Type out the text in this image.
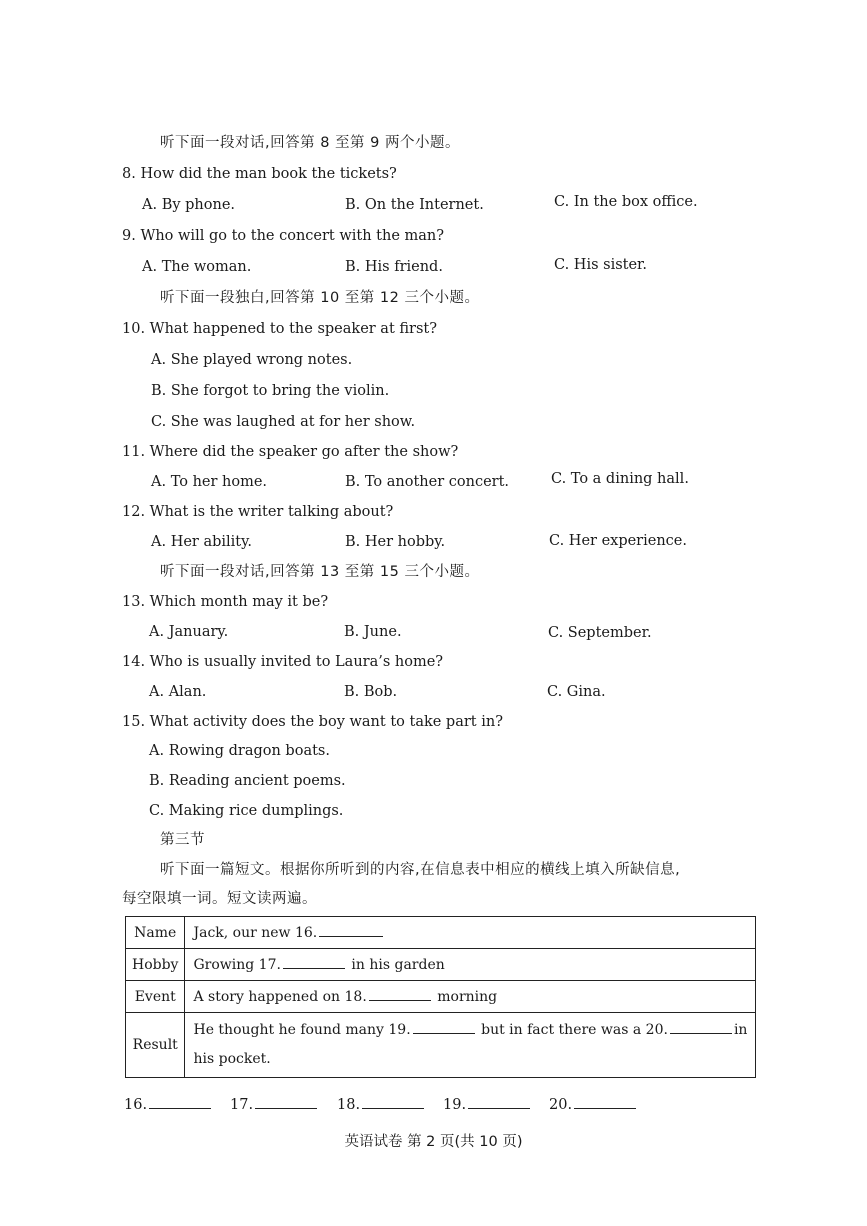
听下面一段对话,回答第 8 至第 9 两个小题。
8. How did the man book the tickets?
A. By phone.	B. On the Internet.	C. In the box office.
9. Who will go to the concert with the man?
A. The woman.	B. His friend.	C. His sister.
听下面一段独白,回答第 10 至第 12 三个小题。
10. What happened to the speaker at first?
A. She played wrong notes.
B. She forgot to bring the violin.
C. She was laughed at for her show.
11. Where did the speaker go after the show?
A. To her home.	B. To another concert.	C. To a dining hall.
12. What is the writer talking about?
A. Her ability.	B. Her hobby.	C. Her experience.
听下面一段对话,回答第 13 至第 15 三个小题。
13. Which month may it be?
A. January.	B. June.	C. September.
14. Who is usually invited to Laura’s home?
A. Alan.	B. Bob.	C. Gina.
15. What activity does the boy want to take part in?
A. Rowing dragon boats.
B. Reading ancient poems.
C. Making rice dumplings.
第三节
听下面一篇短文。根据你所听到的内容,在信息表中相应的横线上填入所缺信息,
每空限填一词。短文读两遍。
Name	Jack, our new 16.
Hobby	Growing 17. in his garden
Event	A story happened on 18. morning
Result	He thought he found many 19. but in fact there was a 20. in
his pocket.
16.	17.	18.	19.	20.
英语试卷 第 2 页(共 10 页)
